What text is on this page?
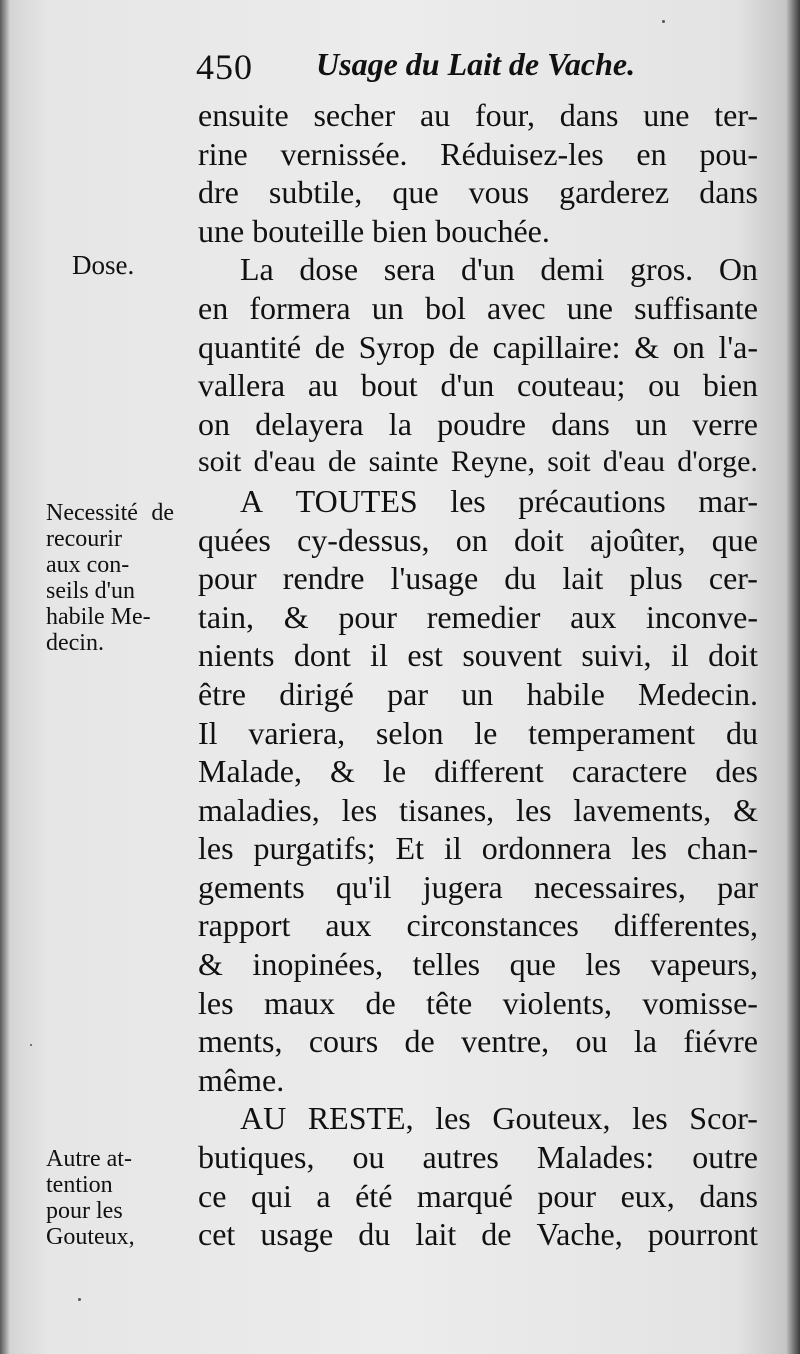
450 Usage du Lait de Vache.
Dose.
Necessité de
recourir
aux con-
seils d'un
habile Me-
decin.
Autre at-
tention
pour les
Gouteux,
ensuite secher au four, dans une ter-
rine vernissée. Réduisez-les en pou-
dre subtile, que vous garderez dans
une bouteille bien bouchée.
La dose sera d'un demi gros. On
en formera un bol avec une suffisante
quantité de Syrop de capillaire: & on l'a-
vallera au bout d'un couteau; ou bien
on delayera la poudre dans un verre
soit d'eau de sainte Reyne, soit d'eau d'orge.
A TOUTES les précautions mar-
quées cy-dessus, on doit ajoûter, que
pour rendre l'usage du lait plus cer-
tain, & pour remedier aux inconve-
nients dont il est souvent suivi, il doit
être dirigé par un habile Medecin.
Il variera, selon le temperament du
Malade, & le different caractere des
maladies, les tisanes, les lavements, &
les purgatifs; Et il ordonnera les chan-
gements qu'il jugera necessaires, par
rapport aux circonstances differentes,
& inopinées, telles que les vapeurs,
les maux de tête violents, vomisse-
ments, cours de ventre, ou la fiévre
même.
AU RESTE, les Gouteux, les Scor-
butiques, ou autres Malades: outre
ce qui a été marqué pour eux, dans
cet usage du lait de Vache, pourront
